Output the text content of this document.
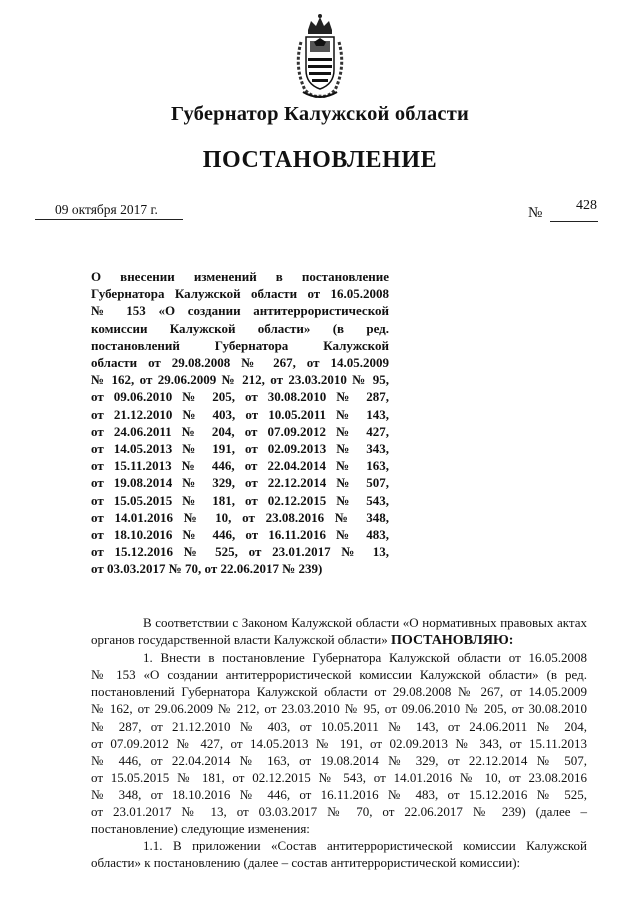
Губернатор Калужской области
ПОСТАНОВЛЕНИЕ
09 октября 2017 г.	№ 428
О внесении изменений в постановление
Губернатора Калужской области от 16.05.2008
№ 153 «О создании антитеррористической
комиссии Калужской области» (в ред.
постановлений Губернатора Калужской
области от 29.08.2008 № 267, от 14.05.2009
№ 162, от 29.06.2009 № 212, от 23.03.2010 № 95,
от 09.06.2010 № 205, от 30.08.2010 № 287,
от 21.12.2010 № 403, от 10.05.2011 № 143,
от 24.06.2011 № 204, от 07.09.2012 № 427,
от 14.05.2013 № 191, от 02.09.2013 № 343,
от 15.11.2013 № 446, от 22.04.2014 № 163,
от 19.08.2014 № 329, от 22.12.2014 № 507,
от 15.05.2015 № 181, от 02.12.2015 № 543,
от 14.01.2016 № 10, от 23.08.2016 № 348,
от 18.10.2016 № 446, от 16.11.2016 № 483,
от 15.12.2016 № 525, от 23.01.2017 № 13,
от 03.03.2017 № 70, от 22.06.2017 № 239)

В соответствии с Законом Калужской области «О нормативных правовых актах органов государственной власти Калужской области» ПОСТАНОВЛЯЮ:

1. Внести в постановление Губернатора Калужской области от 16.05.2008
№ 153 «О создании антитеррористической комиссии Калужской области» (в ред.
постановлений Губернатора Калужской области от 29.08.2008 № 267, от 14.05.2009
№ 162, от 29.06.2009 № 212, от 23.03.2010 № 95, от 09.06.2010 № 205, от 30.08.2010
№ 287, от 21.12.2010 № 403, от 10.05.2011 № 143, от 24.06.2011 № 204,
от 07.09.2012 № 427, от 14.05.2013 № 191, от 02.09.2013 № 343, от 15.11.2013
№ 446, от 22.04.2014 № 163, от 19.08.2014 № 329, от 22.12.2014 № 507,
от 15.05.2015 № 181, от 02.12.2015 № 543, от 14.01.2016 № 10, от 23.08.2016
№ 348, от 18.10.2016 № 446, от 16.11.2016 № 483, от 15.12.2016 № 525,
от 23.01.2017 № 13, от 03.03.2017 № 70, от 22.06.2017 № 239) (далее –
постановление) следующие изменения:
1.1. В приложении «Состав антитеррористической комиссии Калужской
области» к постановлению (далее – состав антитеррористической комиссии):
